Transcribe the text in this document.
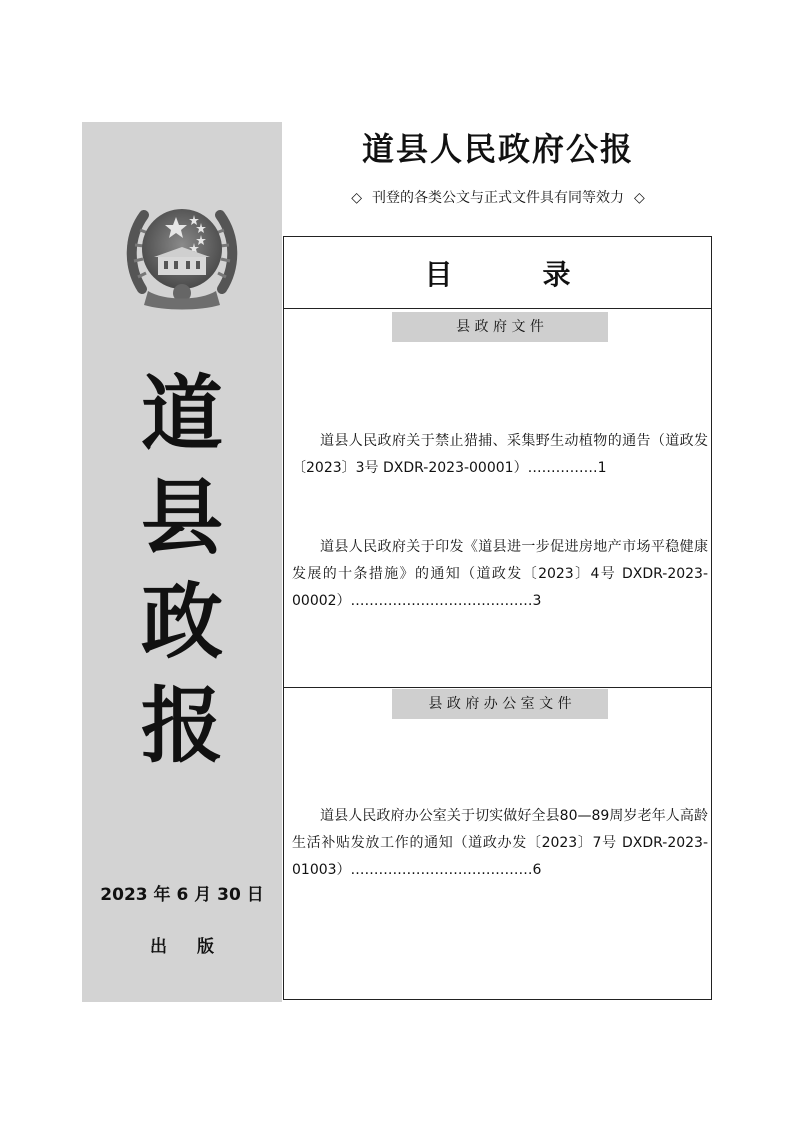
道
县
政
报
2023 年 6 月 30 日
出版
道县人民政府公报
◇ 刊登的各类公文与正式文件具有同等效力 ◇
目录
县 政 府 文 件
道县人民政府关于禁止猎捕、采集野生动植物的通告（道政发〔2023〕3号 DXDR-2023-00001）……………1
道县人民政府关于印发《道县进一步促进房地产市场平稳健康发展的十条措施》的通知（道政发〔2023〕4号 DXDR-2023-00002）…………………………………3
县 政 府 办 公 室 文 件
道县人民政府办公室关于切实做好全县80—89周岁老年人高龄生活补贴发放工作的通知（道政办发〔2023〕7号 DXDR-2023-01003）…………………………………6
